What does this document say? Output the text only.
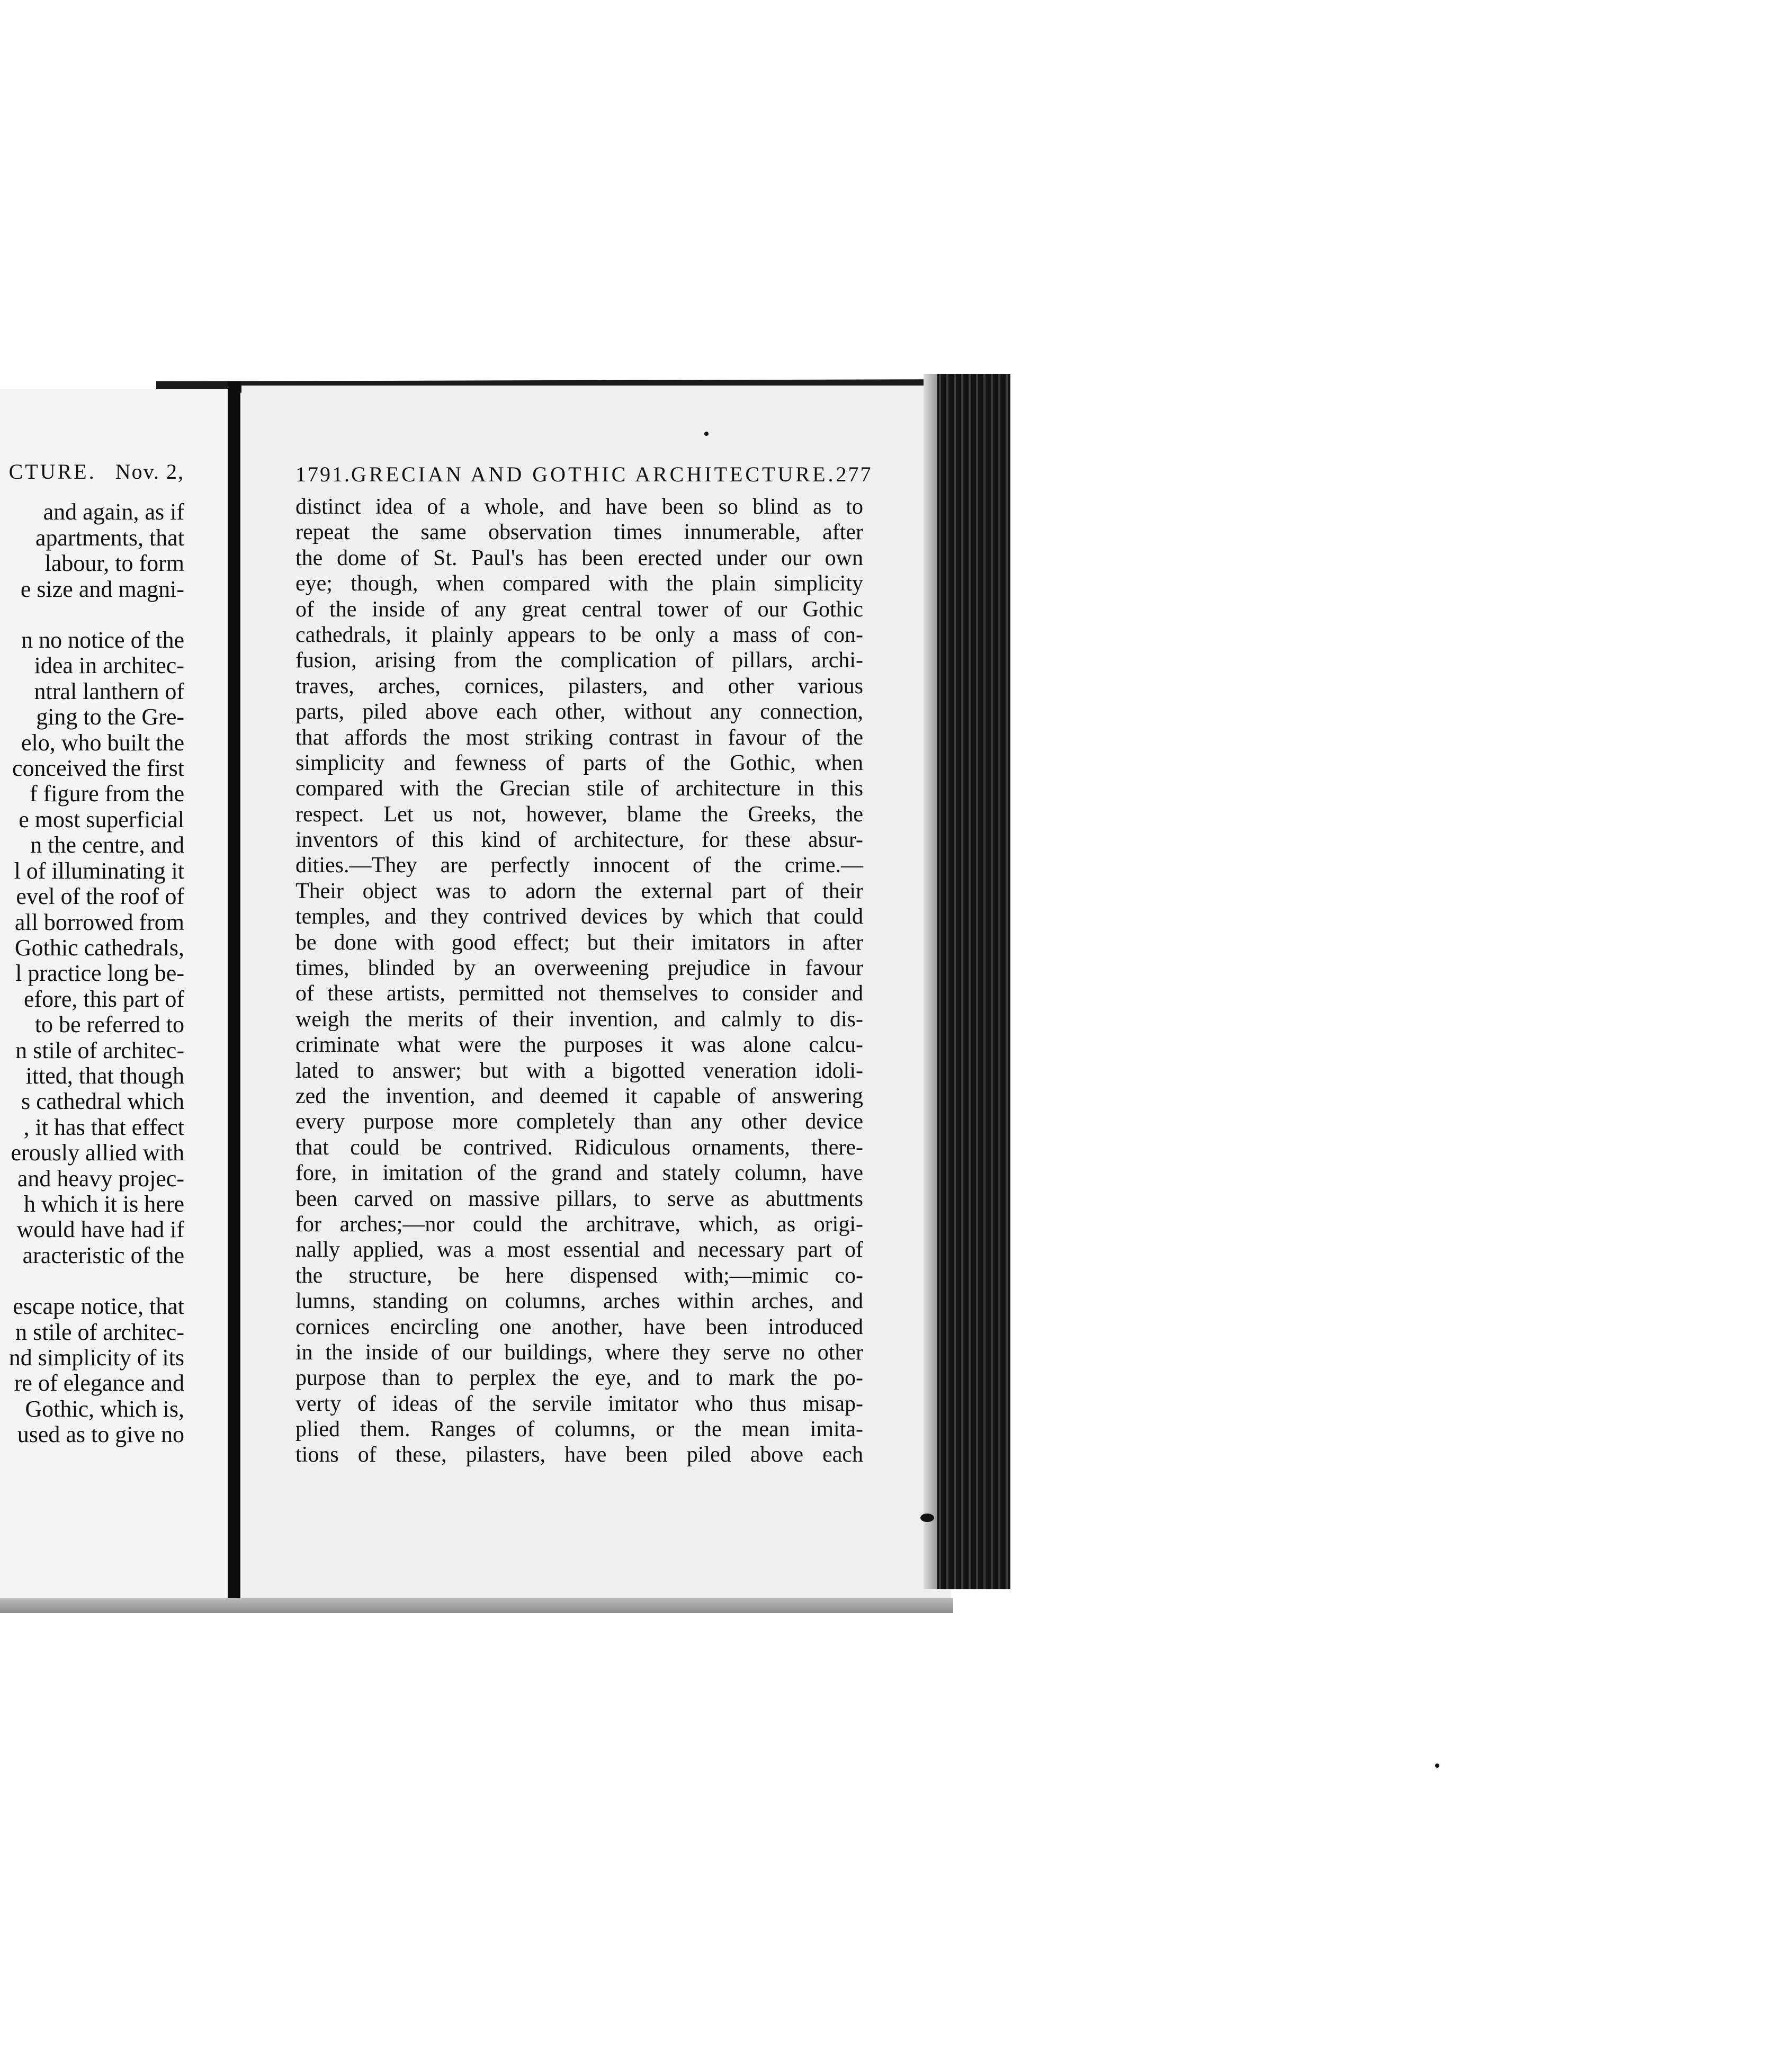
CTURE. Nov. 2,
and again, as if
apartments, that
labour, to form
e size and magni-
n no notice of the
idea in architec-
ntral lanthern of
ging to the Gre-
elo, who built the
conceived the first
f figure from the
e most superficial
n the centre, and
l of illuminating it
evel of the roof of
all borrowed from
Gothic cathedrals,
l practice long be-
efore, this part of
to be referred to
n stile of architec-
itted, that though
s cathedral which
, it has that effect
erously allied with
and heavy projec-
h which it is here
would have had if
aracteristic of the
escape notice, that
n stile of architec-
nd simplicity of its
re of elegance and
Gothic, which is,
used as to give no
1791. GRECIAN AND GOTHIC ARCHITECTURE. 277
distinct idea of a whole, and have been so blind as to
repeat the same observation times innumerable, after
the dome of St. Paul's has been erected under our own
eye; though, when compared with the plain simplicity
of the inside of any great central tower of our Gothic
cathedrals, it plainly appears to be only a mass of con-
fusion, arising from the complication of pillars, archi-
traves, arches, cornices, pilasters, and other various
parts, piled above each other, without any connection,
that affords the most striking contrast in favour of the
simplicity and fewness of parts of the Gothic, when
compared with the Grecian stile of architecture in this
respect. Let us not, however, blame the Greeks, the
inventors of this kind of architecture, for these absur-
dities.—They are perfectly innocent of the crime.—
Their object was to adorn the external part of their
temples, and they contrived devices by which that could
be done with good effect; but their imitators in after
times, blinded by an overweening prejudice in favour
of these artists, permitted not themselves to consider and
weigh the merits of their invention, and calmly to dis-
criminate what were the purposes it was alone calcu-
lated to answer; but with a bigotted veneration idoli-
zed the invention, and deemed it capable of answering
every purpose more completely than any other device
that could be contrived. Ridiculous ornaments, there-
fore, in imitation of the grand and stately column, have
been carved on massive pillars, to serve as abuttments
for arches;—nor could the architrave, which, as origi-
nally applied, was a most essential and necessary part of
the structure, be here dispensed with;—mimic co-
lumns, standing on columns, arches within arches, and
cornices encircling one another, have been introduced
in the inside of our buildings, where they serve no other
purpose than to perplex the eye, and to mark the po-
verty of ideas of the servile imitator who thus misap-
plied them. Ranges of columns, or the mean imita-
tions of these, pilasters, have been piled above each
